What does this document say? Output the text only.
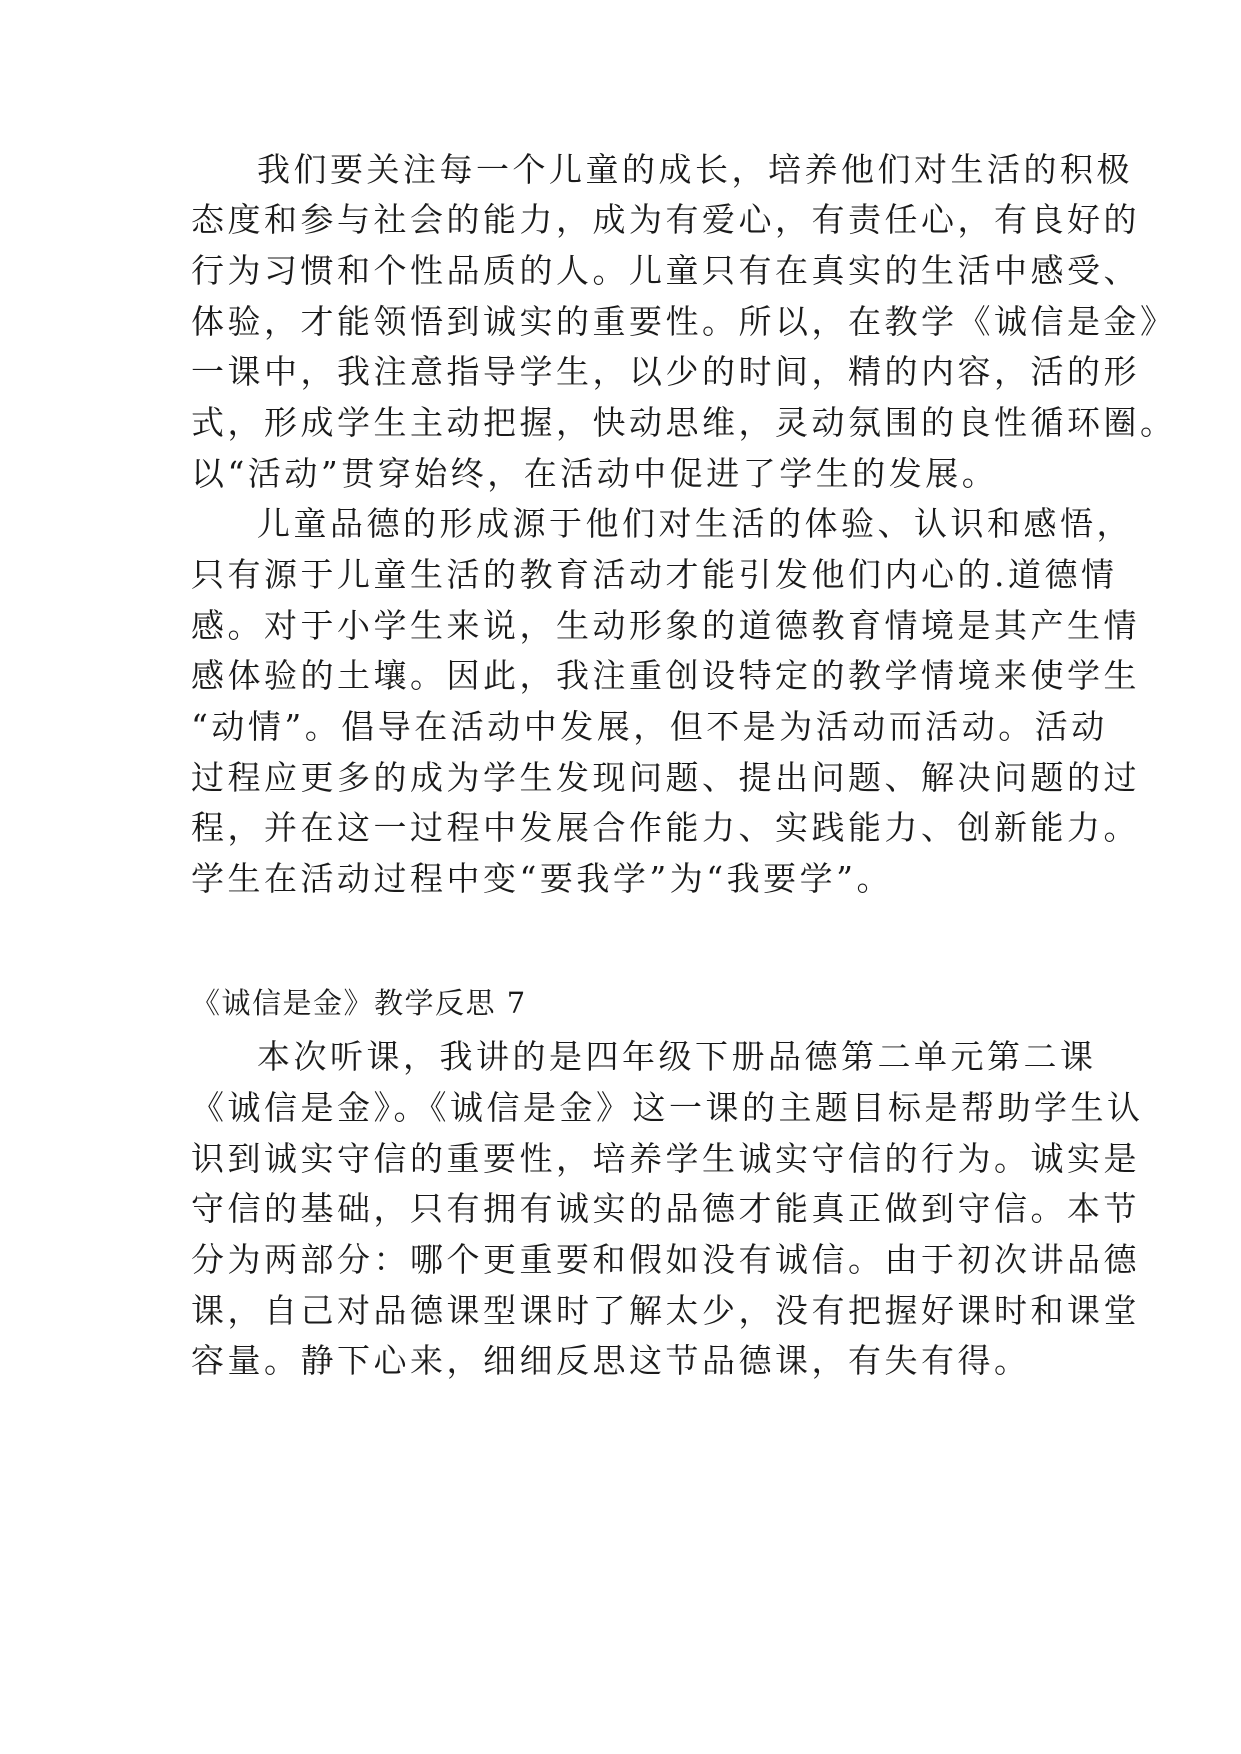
我们要关注每一个儿童的成长，培养他们对生活的积极

态度和参与社会的能力，成为有爱心，有责任心，有良好的

行为习惯和个性品质的人。儿童只有在真实的生活中感受、

体验，才能领悟到诚实的重要性。所以，在教学《诚信是金》

一课中，我注意指导学生，以少的时间，精的内容，活的形

式，形成学生主动把握，快动思维，灵动氛围的良性循环圈。

以“活动”贯穿始终，在活动中促进了学生的发展。

儿童品德的形成源于他们对生活的体验、认识和感悟，

只有源于儿童生活的教育活动才能引发他们内心的.道德情

感。对于小学生来说，生动形象的道德教育情境是其产生情

感体验的土壤。因此，我注重创设特定的教学情境来使学生

“动情”。倡导在活动中发展，但不是为活动而活动。活动

过程应更多的成为学生发现问题、提出问题、解决问题的过

程，并在这一过程中发展合作能力、实践能力、创新能力。

学生在活动过程中变“要我学”为“我要学”。

《诚信是金》教学反思 7

本次听课，我讲的是四年级下册品德第二单元第二课

《诚信是金》。《诚信是金》这一课的主题目标是帮助学生认

识到诚实守信的重要性，培养学生诚实守信的行为。诚实是

守信的基础，只有拥有诚实的品德才能真正做到守信。本节

分为两部分：哪个更重要和假如没有诚信。由于初次讲品德

课，自己对品德课型课时了解太少，没有把握好课时和课堂

容量。静下心来，细细反思这节品德课，有失有得。
